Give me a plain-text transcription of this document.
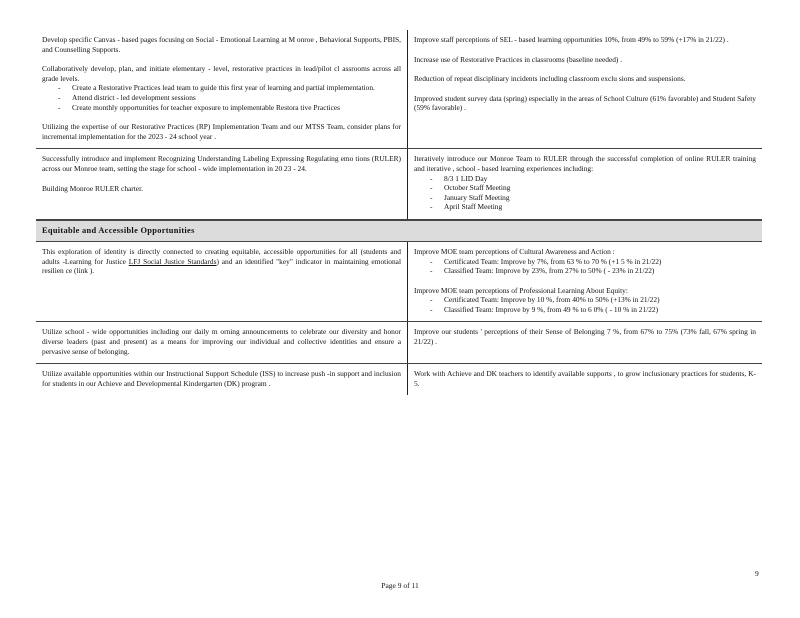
Develop specific Canvas - based pages focusing on Social - Emotional Learning at M onroe , Behavioral Supports, PBIS, and Counselling Supports.

Collaboratively develop, plan, and initiate elementary - level, restorative practices in lead/pilot cl assrooms across all grade levels.
- Create a Restorative Practices lead team to guide this first year of learning and partial implementation.
- Attend district - led development sessions
- Create monthly opportunities for teacher exposure to implementable Restora tive Practices

Utilizing the expertise of our Restorative Practices (RP) Implementation Team and our MTSS Team, consider plans for incremental implementation for the 2023 - 24 school year .

Improve staff perceptions of SEL - based learning opportunities 10%, from 49% to 59% (+17% in 21/22) .

Increase use of Restorative Practices in classrooms (baseline needed) .

Reduction of repeat disciplinary incidents including classroom exclu sions and suspensions.

Improved student survey data (spring) especially in the areas of School Culture (61% favorable) and Student Safety (59% favorable) .

Successfully introduce and implement Recognizing Understanding Labeling Expressing Regulating emo tions (RULER) across our Monroe team, setting the stage for school - wide implementation in 20 23 - 24.

Building Monroe RULER charter.

Iteratively introduce our Monroe Team to RULER through the successful completion of online RULER training and iterative , school - based learning experiences including:
- 8/3 1 LID Day
- October Staff Meeting
- January Staff Meeting
- April Staff Meeting
Equitable and Accessible Opportunities

This exploration of identity is directly connected to creating equitable, accessible opportunities for all (students and adults -Learning for Justice LFJ Social Justice Standards) and an identified "key" indicator in maintaining emotional resilien ce (link ).

Improve MOE team perceptions of Cultural Awareness and Action :
- Certificated Team: Improve by 7%, from 63 % to 70 % (+1 5 % in 21/22)
- Classified Team: Improve by 23%, from 27% to 50% ( - 23% in 21/22)
Improve MOE team perceptions of Professional Learning About Equity:
- Certificated Team: Improve by 10 %, from 40% to 50% (+13% in 21/22)
- Classified Team: Improve by 9 %, from 49 % to 6 0% ( - 10 % in 21/22)

Utilize school - wide opportunities including our daily m orning announcements to celebrate our diversity and honor diverse leaders (past and present) as a means for improving our individual and collective identities and ensure a pervasive sense of belonging.

Improve our students ' perceptions of their Sense of Belonging 7 %, from 67% to 75% (73% fall, 67% spring in 21/22) .

Utilize available opportunities within our Instructional Support Schedule (ISS) to increase push -in support and inclusion for students in our Achieve and Developmental Kindergarten (DK) program .

Work with Achieve and DK teachers to identify available supports , to grow inclusionary practices for students, K- 5.

9
Page 9 of 11
